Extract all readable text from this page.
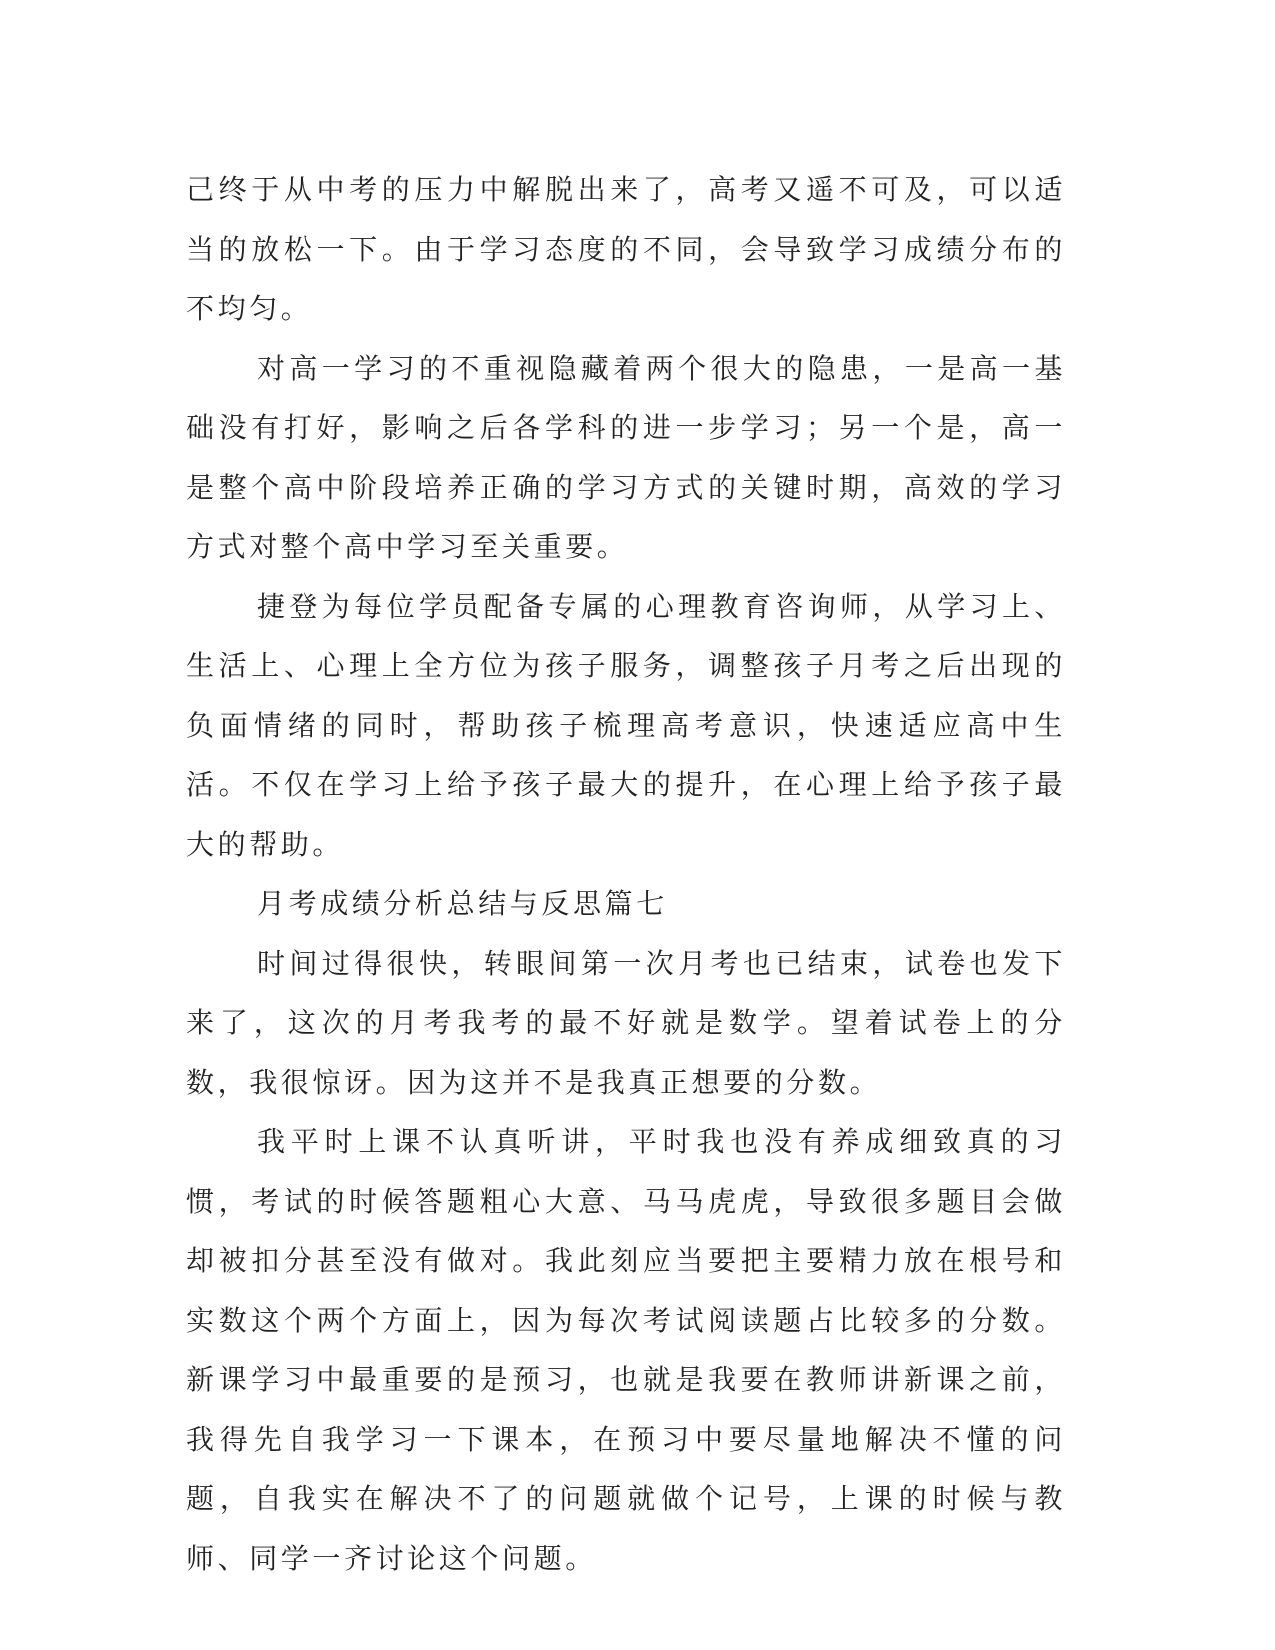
己终于从中考的压力中解脱出来了，高考又遥不可及，可以适当的放松一下。由于学习态度的不同，会导致学习成绩分布的不均匀。

对高一学习的不重视隐藏着两个很大的隐患，一是高一基础没有打好，影响之后各学科的进一步学习；另一个是，高一是整个高中阶段培养正确的学习方式的关键时期，高效的学习方式对整个高中学习至关重要。

捷登为每位学员配备专属的心理教育咨询师，从学习上、生活上、心理上全方位为孩子服务，调整孩子月考之后出现的负面情绪的同时，帮助孩子梳理高考意识，快速适应高中生活。不仅在学习上给予孩子最大的提升，在心理上给予孩子最大的帮助。

月考成绩分析总结与反思篇七

时间过得很快，转眼间第一次月考也已结束，试卷也发下来了，这次的月考我考的最不好就是数学。望着试卷上的分数，我很惊讶。因为这并不是我真正想要的分数。

我平时上课不认真听讲，平时我也没有养成细致真的习惯，考试的时候答题粗心大意、马马虎虎，导致很多题目会做却被扣分甚至没有做对。我此刻应当要把主要精力放在根号和实数这个两个方面上，因为每次考试阅读题占比较多的分数。新课学习中最重要的是预习，也就是我要在教师讲新课之前，我得先自我学习一下课本，在预习中要尽量地解决不懂的问题，自我实在解决不了的问题就做个记号，上课的时候与教师、同学一齐讨论这个问题。
